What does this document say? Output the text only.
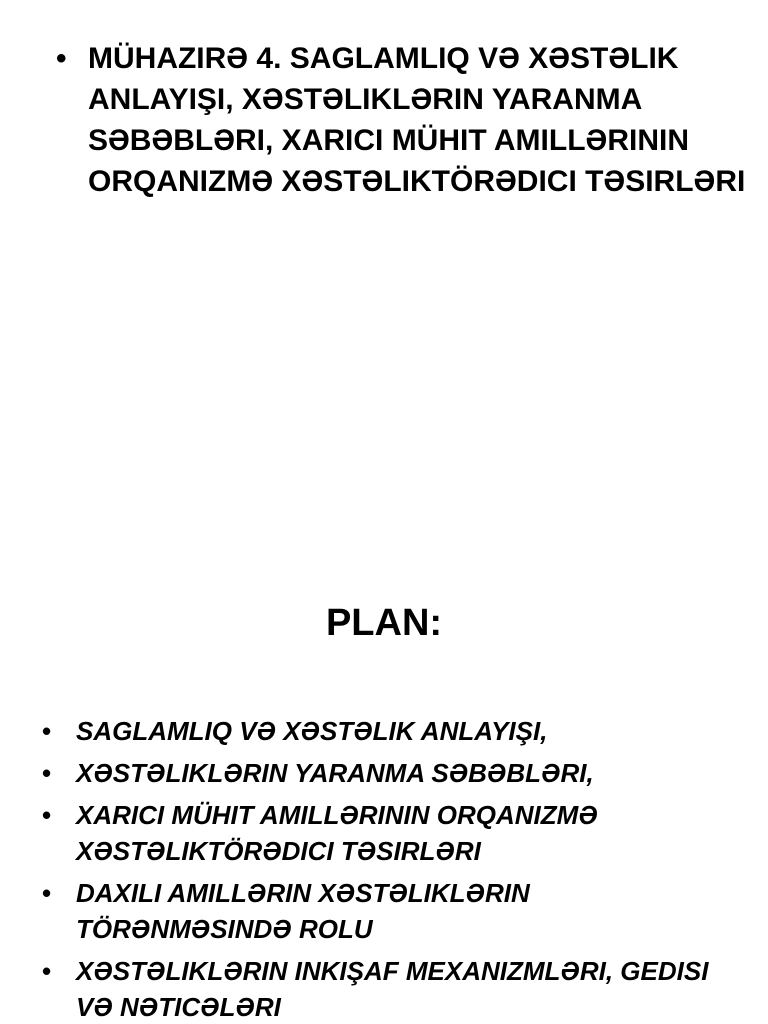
• MÜHAZIRƏ 4. SAGLAMLIQ VƏ XƏSTƏLIK ANLAYIŞI, XƏSTƏLIKLƏRIN YARANMA SƏBƏBLƏRI, XARICI MÜHIT AMILLƏRININ ORQANIZMƏ XƏSTƏLIKTÖRƏDICI TƏSIRLƏRI
PLAN:
• SAGLAMLIQ VƏ XƏSTƏLIK ANLAYIŞI,
• XƏSTƏLIKLƏRIN YARANMA SƏBƏBLƏRI,
• XARICI MÜHIT AMILLƏRININ ORQANIZMƏ XƏSTƏLIKTÖRƏDICI TƏSIRLƏRI
• DAXILI AMILLƏRIN XƏSTƏLIKLƏRIN TÖRƏNMƏSINDƏ ROLU
• XƏSTƏLIKLƏRIN INKIŞAF MEXANIZMLƏRI, GEDISI VƏ NƏTICƏLƏRI
